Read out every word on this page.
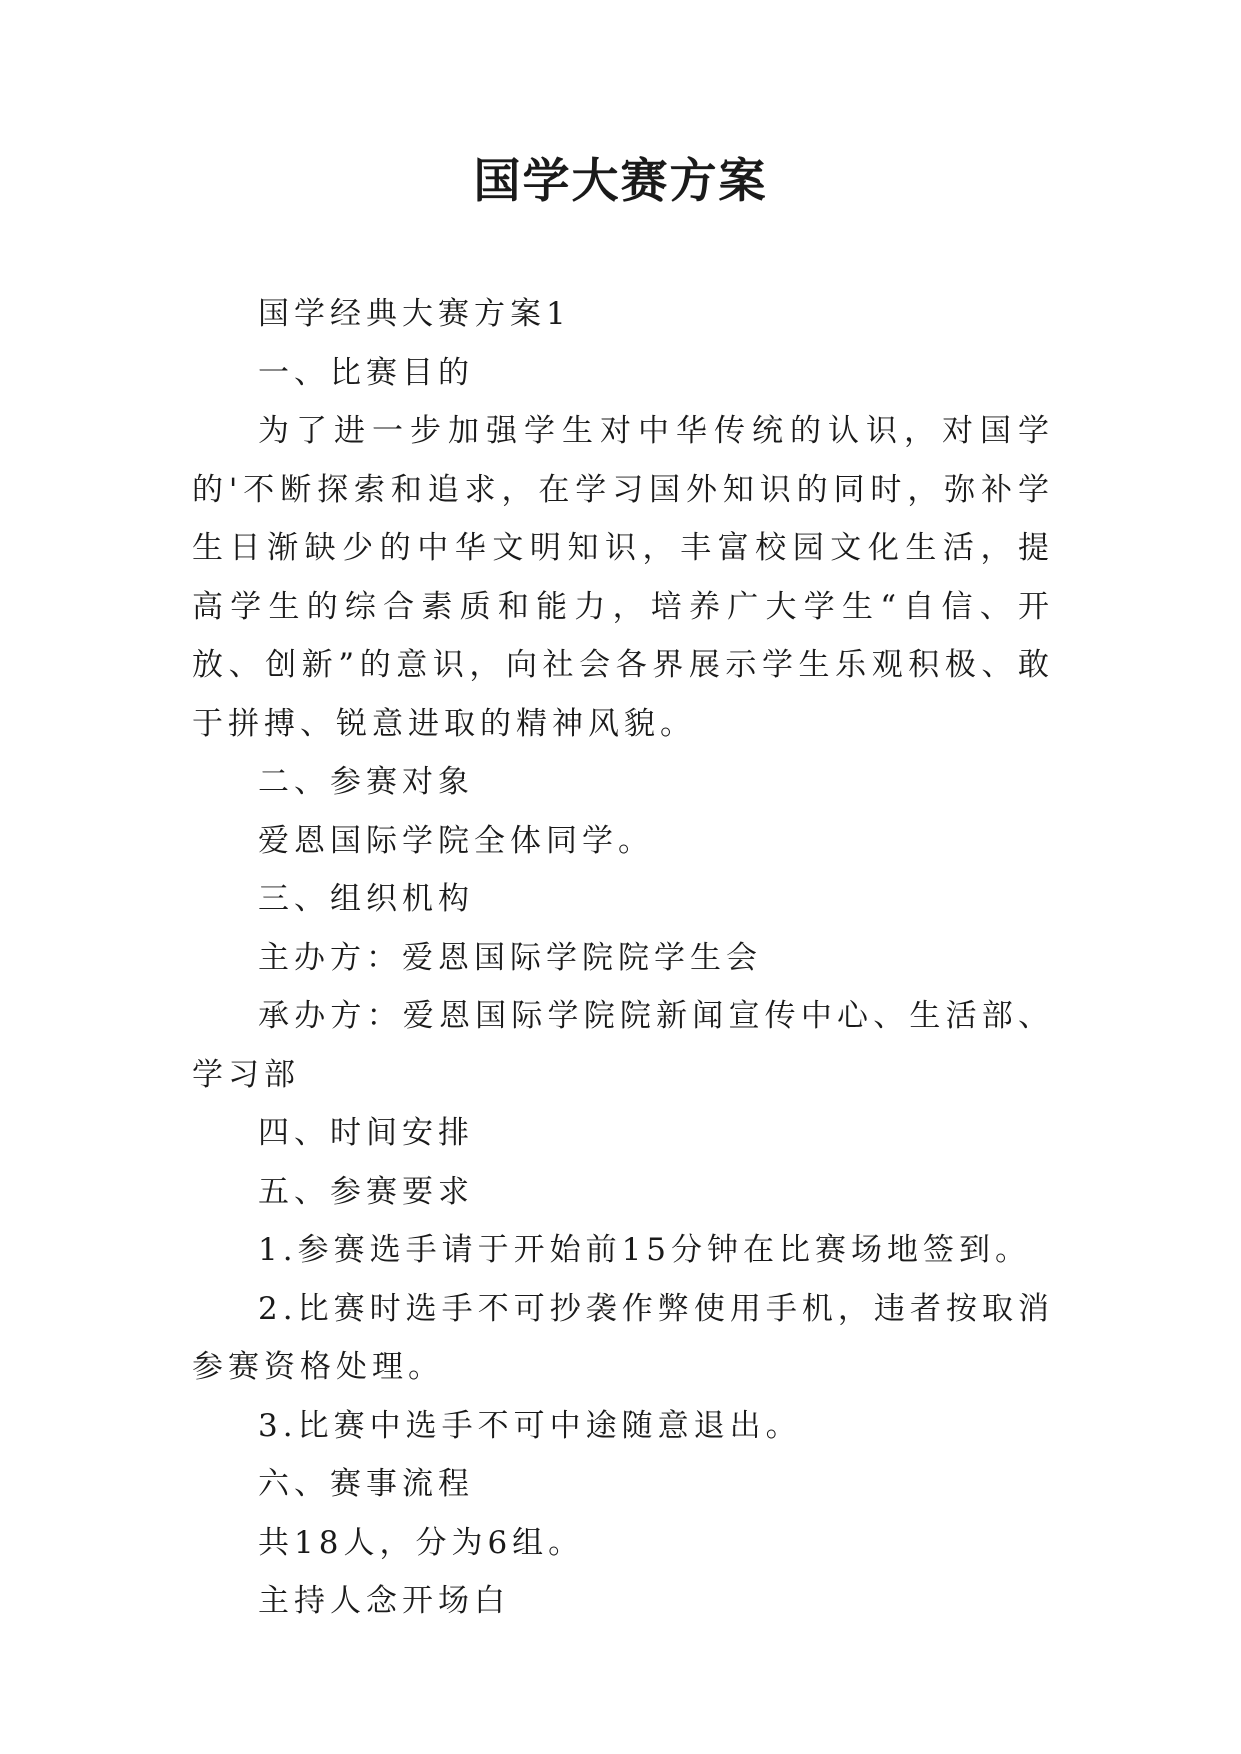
国学大赛方案

国学经典大赛方案1

一、比赛目的

为了进一步加强学生对中华传统的认识，对国学的'不断探索和追求，在学习国外知识的同时，弥补学生日渐缺少的中华文明知识，丰富校园文化生活，提高学生的综合素质和能力，培养广大学生“自信、开放、创新”的意识，向社会各界展示学生乐观积极、敢于拼搏、锐意进取的精神风貌。

二、参赛对象

爱恩国际学院全体同学。

三、组织机构

主办方：爱恩国际学院院学生会

承办方：爱恩国际学院院新闻宣传中心、生活部、学习部

四、时间安排

五、参赛要求

1.参赛选手请于开始前15分钟在比赛场地签到。

2.比赛时选手不可抄袭作弊使用手机，违者按取消参赛资格处理。

3.比赛中选手不可中途随意退出。

六、赛事流程

共18人，分为6组。

主持人念开场白
